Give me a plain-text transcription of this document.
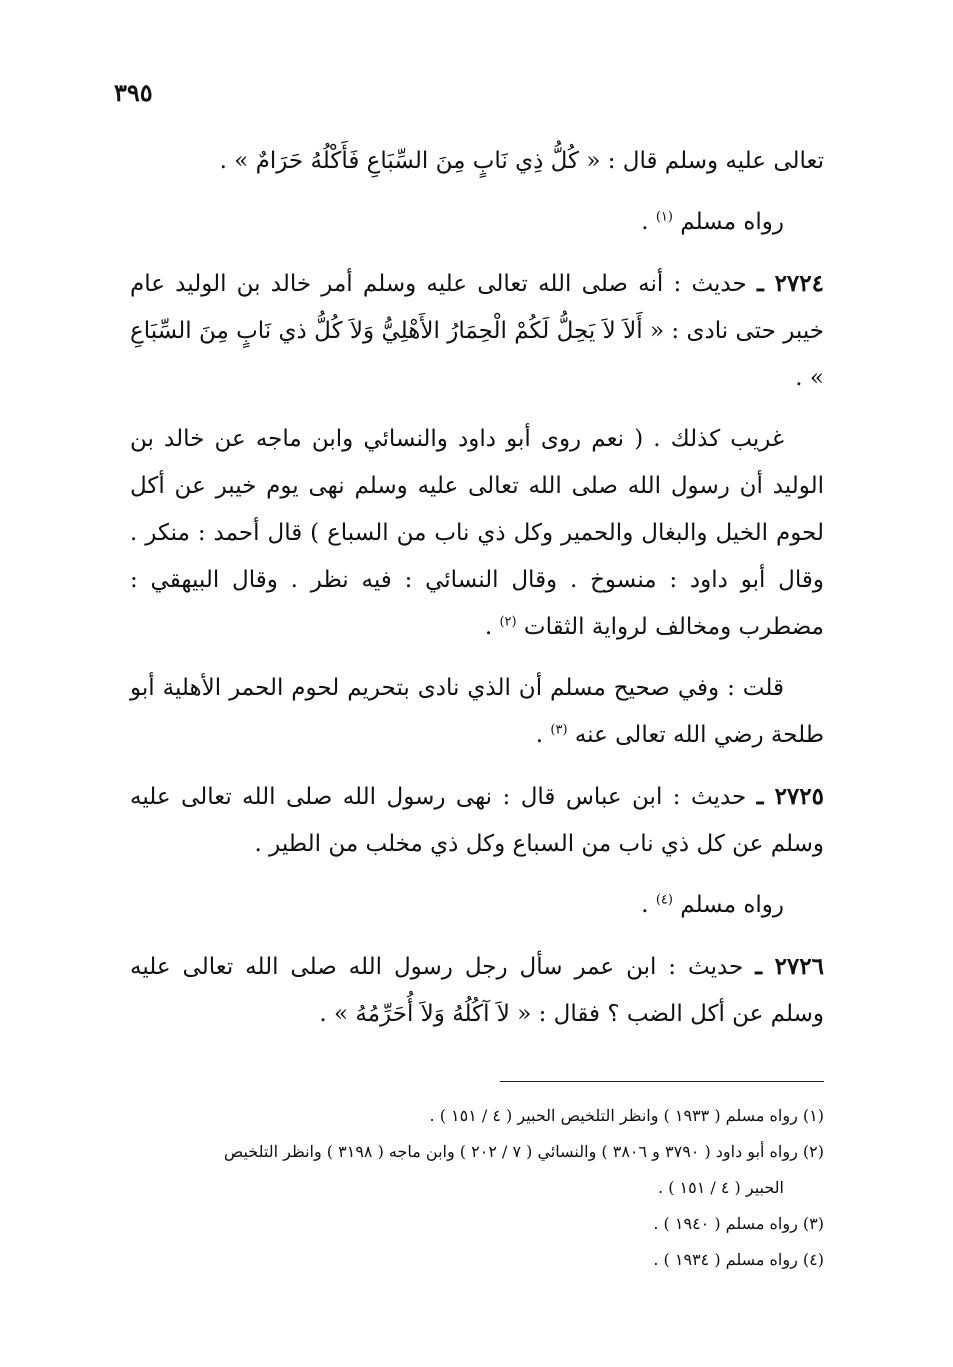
٣٩٥

تعالى عليه وسلم قال : « كُلُّ ذِي نَابٍ مِنَ السِّبَاعِ فَأَكْلُهُ حَرَامٌ » .

رواه مسلم $^{(١)}$ .

٢٧٢٤ ـ حديث : أنه صلى الله تعالى عليه وسلم أمر خالد بن الوليد عام خيبر حتى نادى : « أَلاَ لاَ يَحِلُّ لَكُمْ الْحِمَارُ الأَهْلِيُّ وَلاَ كُلُّ ذي نَابٍ مِنَ السِّبَاعِ » .

غريب كذلك . ( نعم روى أبو داود والنسائي وابن ماجه عن خالد بن الوليد أن رسول الله صلى الله تعالى عليه وسلم نهى يوم خيبر عن أكل لحوم الخيل والبغال والحمير وكل ذي ناب من السباع ) قال أحمد : منكر . وقال أبو داود : منسوخ . وقال النسائي : فيه نظر . وقال البيهقي : مضطرب ومخالف لرواية الثقات $^{(٢)}$ .

قلت : وفي صحيح مسلم أن الذي نادى بتحريم لحوم الحمر الأهلية أبو طلحة رضي الله تعالى عنه $^{(٣)}$ .

٢٧٢٥ ـ حديث : ابن عباس قال : نهى رسول الله صلى الله تعالى عليه وسلم عن كل ذي ناب من السباع وكل ذي مخلب من الطير .

رواه مسلم $^{(٤)}$ .

٢٧٢٦ ـ حديث : ابن عمر سأل رجل رسول الله صلى الله تعالى عليه وسلم عن أكل الضب ؟ فقال : « لاَ آكُلُهُ وَلاَ أُحَرِّمُهُ » .

(١) رواه مسلم ( ١٩٣٣ ) وانظر التلخيص الحبير ( ٤ / ١٥١ ) .

(٢) رواه أبو داود ( ٣٧٩٠ و ٣٨٠٦ ) والنسائي ( ٧ / ٢٠٢ ) وابن ماجه ( ٣١٩٨ ) وانظر التلخيص

الحبير ( ٤ / ١٥١ ) .

(٣) رواه مسلم ( ١٩٤٠ ) .

(٤) رواه مسلم ( ١٩٣٤ ) .
